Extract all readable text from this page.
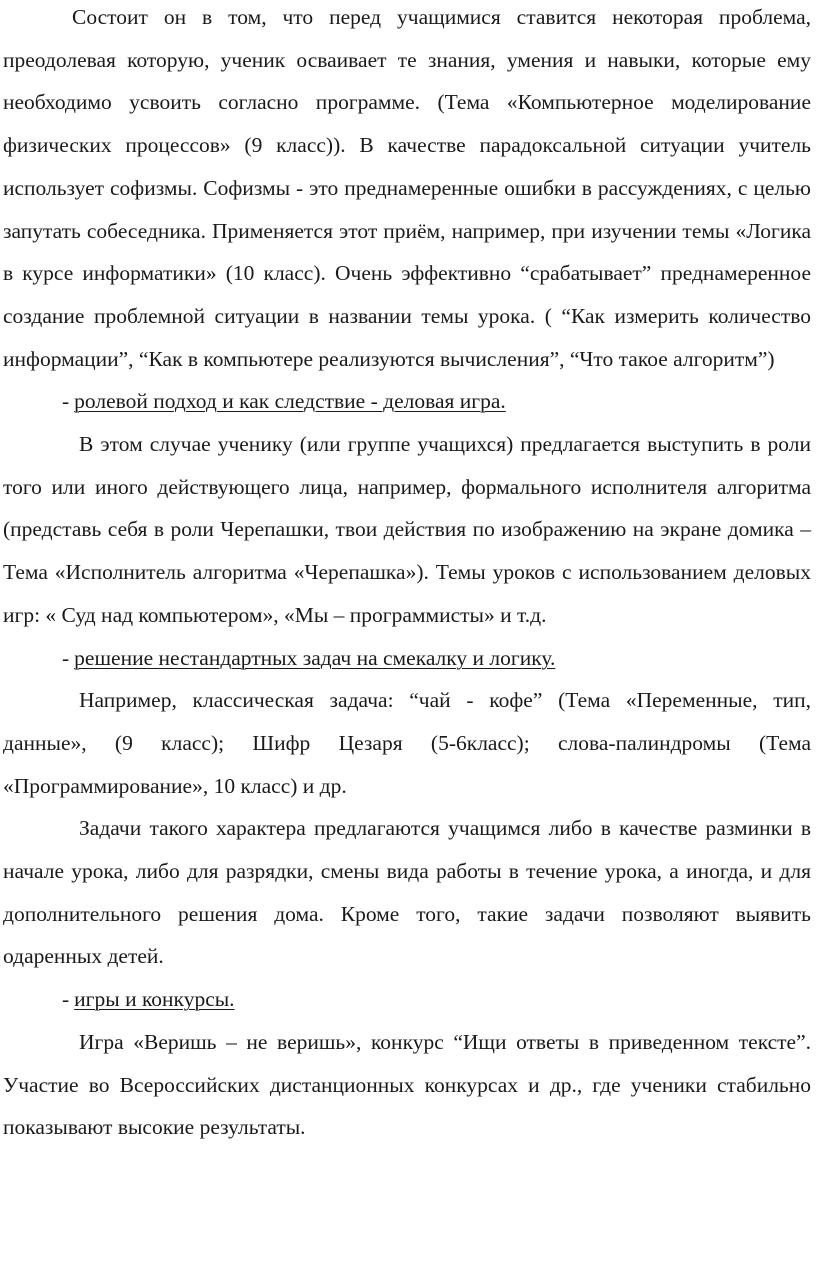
Состоит он в том, что перед учащимися ставится некоторая проблема, преодолевая которую, ученик осваивает те знания, умения и навыки, которые ему необходимо усвоить согласно программе. (Тема «Компьютерное моделирование физических процессов» (9 класс)). В качестве парадоксальной ситуации учитель использует софизмы. Софизмы - это преднамеренные ошибки в рассуждениях, с целью запутать собеседника. Применяется этот приём, например, при изучении темы «Логика в курсе информатики» (10 класс). Очень эффективно “срабатывает” преднамеренное создание проблемной ситуации в названии темы урока. ( “Как измерить количество информации”, “Как в компьютере реализуются вычисления”, “Что такое алгоритм”)

- ролевой подход и как следствие - деловая игра.

В этом случае ученику (или группе учащихся) предлагается выступить в роли того или иного действующего лица, например, формального исполнителя алгоритма (представь себя в роли Черепашки, твои действия по изображению на экране домика – Тема «Исполнитель алгоритма «Черепашка»). Темы уроков с использованием деловых игр: « Суд над компьютером», «Мы – программисты» и т.д.

- решение нестандартных задач на смекалку и логику.

Например, классическая задача: “чай - кофе” (Тема «Переменные, тип, данные», (9 класс); Шифр Цезаря (5-6класс); слова-палиндромы (Тема «Программирование», 10 класс) и др.

Задачи такого характера предлагаются учащимся либо в качестве разминки в начале урока, либо для разрядки, смены вида работы в течение урока, а иногда, и для дополнительного решения дома. Кроме того, такие задачи позволяют выявить одаренных детей.

- игры и конкурсы.

Игра «Веришь – не веришь», конкурс “Ищи ответы в приведенном тексте”. Участие во Всероссийских дистанционных конкурсах и др., где ученики стабильно показывают высокие результаты.
